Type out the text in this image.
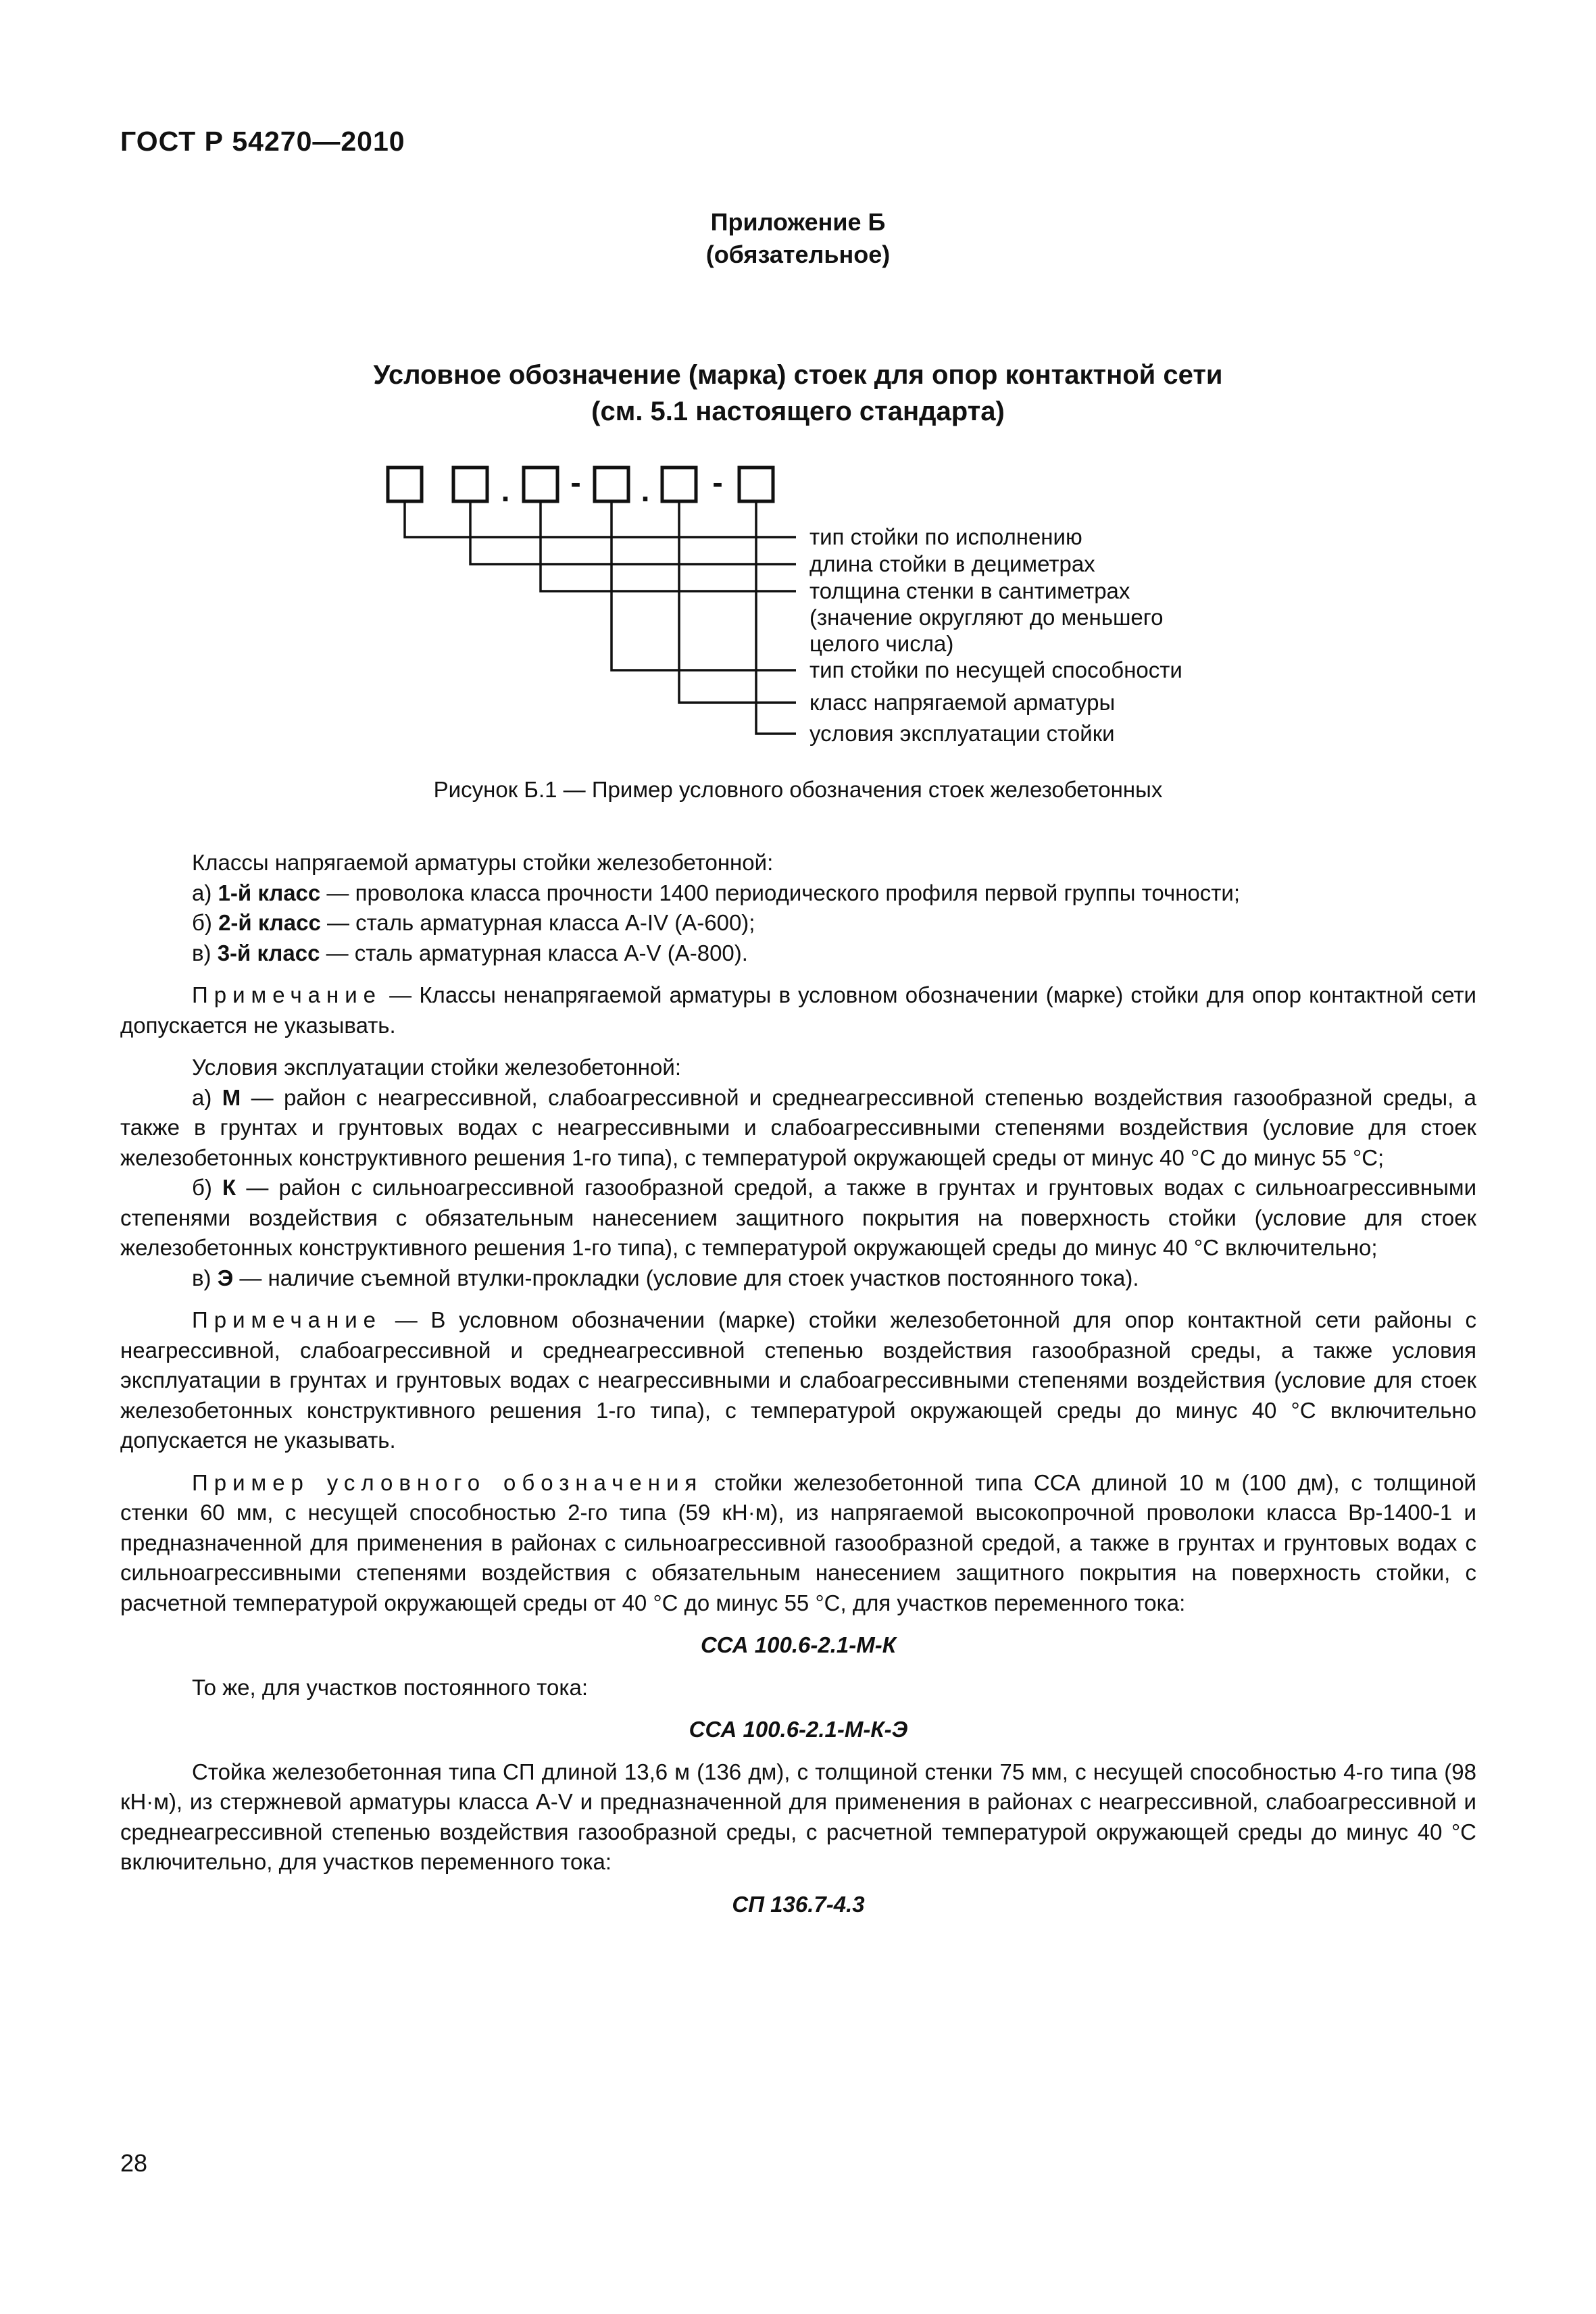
ГОСТ Р 54270—2010
Приложение Б
(обязательное)
Условное обозначение (марка) стоек для опор контактной сети
(см. 5.1 настоящего стандарта)
. - . -
тип стойки по исполнению
длина стойки в дециметрах
толщина стенки в сантиметрах
(значение округляют до меньшего
целого числа)
тип стойки по несущей способности
класс напрягаемой арматуры
условия эксплуатации стойки
Рисунок Б.1 — Пример условного обозначения стоек железобетонных

Классы напрягаемой арматуры стойки железобетонной:

а) 1-й класс — проволока класса прочности 1400 периодического профиля первой группы точности;

б) 2-й класс — сталь арматурная класса А-IV (А-600);

в) 3-й класс — сталь арматурная класса А-V (А-800).

Примечание — Классы ненапрягаемой арматуры в условном обозначении (марке) стойки для опор контактной сети допускается не указывать.

Условия эксплуатации стойки железобетонной:

а) М — район с неагрессивной, слабоагрессивной и среднеагрессивной степенью воздействия газообразной среды, а также в грунтах и грунтовых водах с неагрессивными и слабоагрессивными степенями воздействия (условие для стоек железобетонных конструктивного решения 1-го типа), с температурой окружающей среды от минус 40 °С до минус 55 °С;

б) К — район с сильноагрессивной газообразной средой, а также в грунтах и грунтовых водах с сильноагрессивными степенями воздействия с обязательным нанесением защитного покрытия на поверхность стойки (условие для стоек железобетонных конструктивного решения 1-го типа), с температурой окружающей среды до минус 40 °С включительно;

в) Э — наличие съемной втулки-прокладки (условие для стоек участков постоянного тока).

Примечание — В условном обозначении (марке) стойки железобетонной для опор контактной сети районы с неагрессивной, слабоагрессивной и среднеагрессивной степенью воздействия газообразной среды, а также условия эксплуатации в грунтах и грунтовых водах с неагрессивными и слабоагрессивными степенями воздействия (условие для стоек железобетонных конструктивного решения 1-го типа), с температурой окружающей среды до минус 40 °С включительно допускается не указывать.

Пример условного обозначения стойки железобетонной типа ССА длиной 10 м (100 дм), с толщиной стенки 60 мм, с несущей способностью 2-го типа (59 кН·м), из напрягаемой высокопрочной проволоки класса Вр-1400-1 и предназначенной для применения в районах с сильноагрессивной газообразной средой, а также в грунтах и грунтовых водах с сильноагрессивными степенями воздействия с обязательным нанесением защитного покрытия на поверхность стойки, с расчетной температурой окружающей среды от 40 °С до минус 55 °С, для участков переменного тока:

ССА 100.6-2.1-М-К

То же, для участков постоянного тока:

ССА 100.6-2.1-М-К-Э

Стойка железобетонная типа СП длиной 13,6 м (136 дм), с толщиной стенки 75 мм, с несущей способностью 4-го типа (98 кН·м), из стержневой арматуры класса А-V и предназначенной для применения в районах с неагрессивной, слабоагрессивной и среднеагрессивной степенью воздействия газообразной среды, с расчетной температурой окружающей среды до минус 40 °С включительно, для участков переменного тока:

СП 136.7-4.3

28
